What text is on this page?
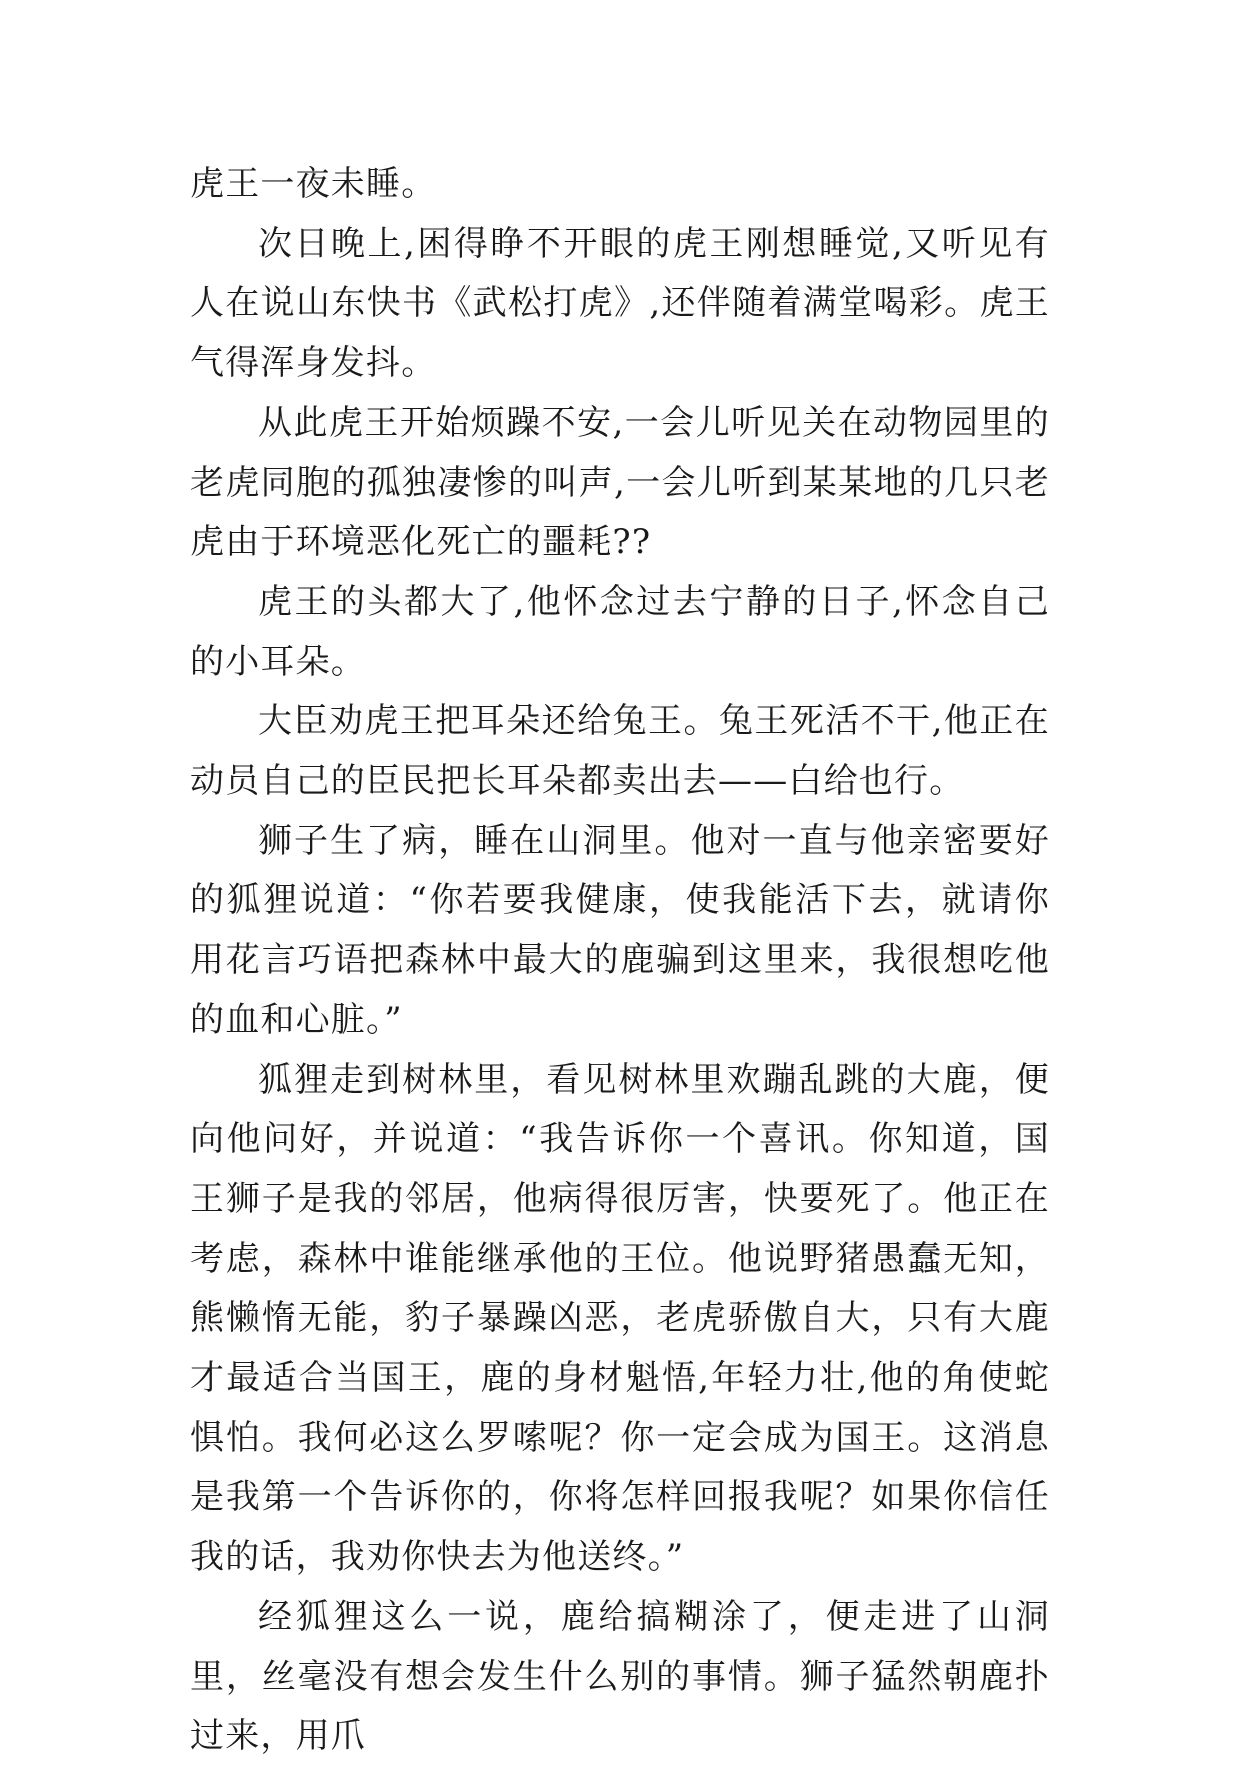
虎王一夜未睡。

次日晚上,困得睁不开眼的虎王刚想睡觉,又听见有人在说山东快书《武松打虎》,还伴随着满堂喝彩。虎王气得浑身发抖。

从此虎王开始烦躁不安,一会儿听见关在动物园里的老虎同胞的孤独凄惨的叫声,一会儿听到某某地的几只老虎由于环境恶化死亡的噩耗??

虎王的头都大了,他怀念过去宁静的日子,怀念自己的小耳朵。

大臣劝虎王把耳朵还给兔王。兔王死活不干,他正在动员自己的臣民把长耳朵都卖出去——白给也行。

狮子生了病，睡在山洞里。他对一直与他亲密要好的狐狸说道：“你若要我健康，使我能活下去，就请你用花言巧语把森林中最大的鹿骗到这里来，我很想吃他的血和心脏。”

狐狸走到树林里，看见树林里欢蹦乱跳的大鹿，便向他问好，并说道：“我告诉你一个喜讯。你知道，国王狮子是我的邻居，他病得很厉害，快要死了。他正在考虑，森林中谁能继承他的王位。他说野猪愚蠢无知，熊懒惰无能，豹子暴躁凶恶，老虎骄傲自大，只有大鹿才最适合当国王，鹿的身材魁悟,年轻力壮,他的角使蛇惧怕。我何必这么罗嗦呢？你一定会成为国王。这消息是我第一个告诉你的，你将怎样回报我呢？如果你信任我的话，我劝你快去为他送终。”

经狐狸这么一说，鹿给搞糊涂了，便走进了山洞里，丝毫没有想会发生什么别的事情。狮子猛然朝鹿扑过来，用爪
